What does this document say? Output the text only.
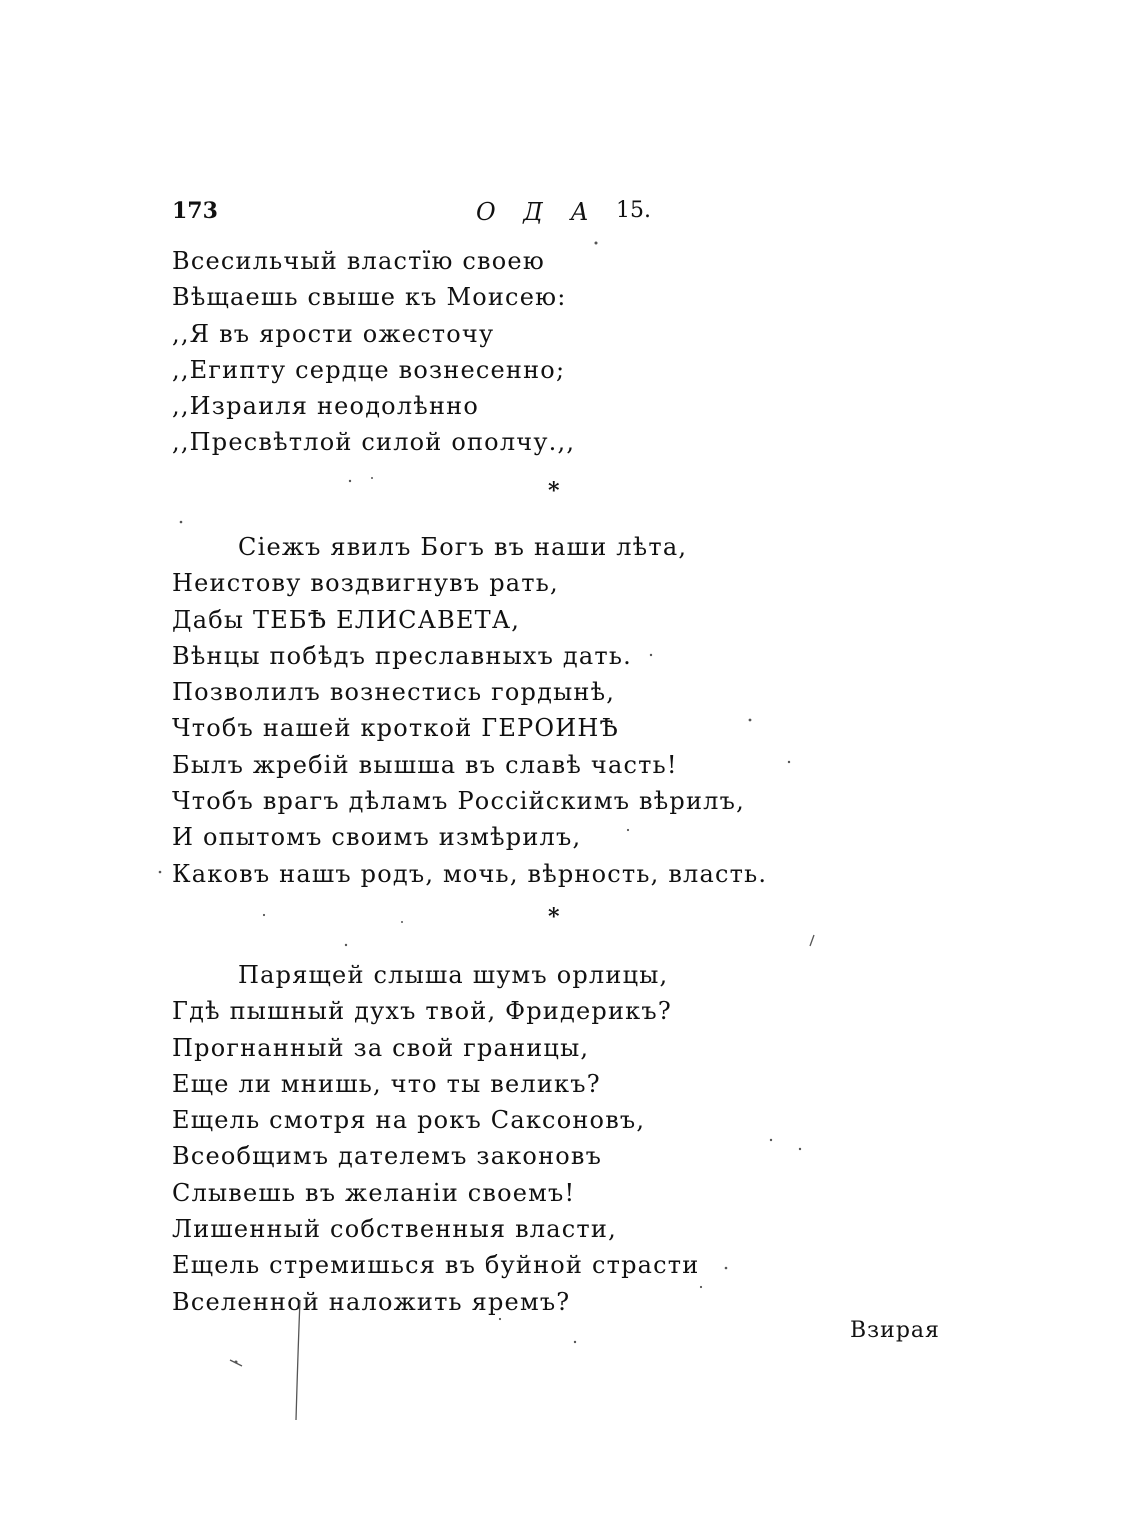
173	О Д А 15.
Всесильчый властїю своею
Вѣщаешь свыше къ Моисею:
,,Я въ ярости ожесточу
,,Египту сердце вознесенно;
,,Израиля неодолѣнно
,,Пресвѣтлой силой ополчу.,,
*
Сiежъ явилъ Богъ въ наши лѣта,
Неистову воздвигнувъ рать,
Дабы ТЕБѢ ЕЛИСАВЕТА,
Вѣнцы побѣдъ преславныхъ дать.
Позволилъ вознестись гордынѣ,
Чтобъ нашей кроткой ГЕРОИНѢ
Былъ жребiй вышша въ славѣ часть!
Чтобъ врагъ дѣламъ Россiйскимъ вѣрилъ,
И опытомъ своимъ измѣрилъ,
Каковъ нашъ родъ, мочь, вѣрность, власть.
*
Парящей слыша шумъ орлицы,
Гдѣ пышный духъ твой, Фридерикъ?
Прогнанный за свой границы,
Еще ли мнишь, что ты великъ?
Ещель смотря на рокъ Саксоновъ,
Всеобщимъ дателемъ законовъ
Слывешь въ желанiи своемъ!
Лишенный собственныя власти,
Ещель стремишься въ буйной страсти
Вселенной наложить яремъ?
Взирая
